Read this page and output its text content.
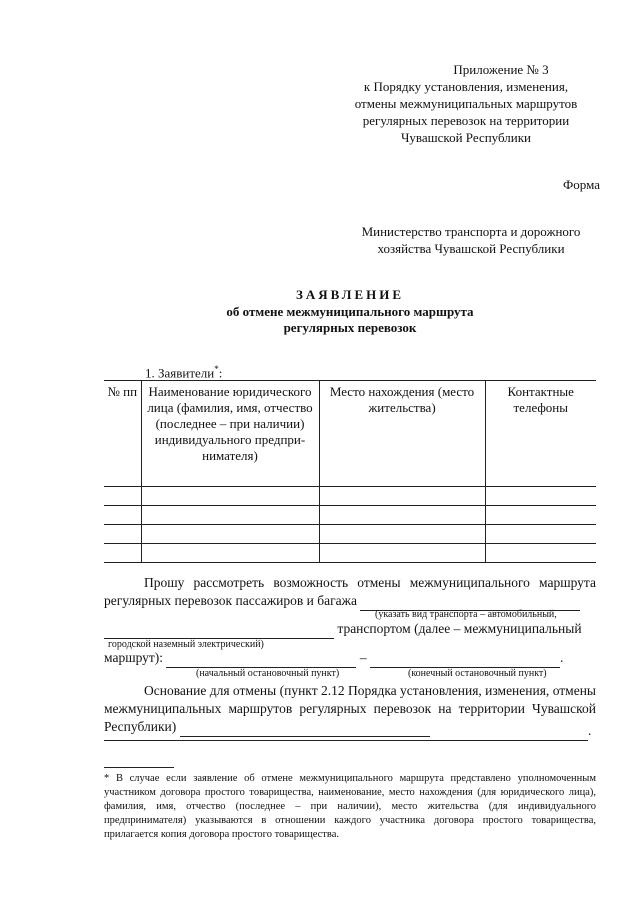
Приложение № 3
к Порядку установления, изменения,
отмены межмуниципальных маршрутов
регулярных перевозок на территории
Чувашской Республики
Форма
Министерство транспорта и дорожного
хозяйства Чувашской Республики
ЗАЯВЛЕНИЕ
об отмене межмуниципального маршрута
регулярных перевозок
1. Заявители*:
№ пп	Наименование юридического лица (фамилия, имя, отчество (последнее – при наличии) индивидуального предпринимателя)	Место нахождения (место жительства)	Контактные телефоны

Прошу рассмотреть возможность отмены межмуниципального маршрута регулярных перевозок пассажиров и багажа
(указать вид транспорта – автомобильный,
транспортом (далее – межмуниципальный
городской наземный электрический)
маршрут):	–	.
(начальный остановочный пункт)	(конечный остановочный пункт)
Основание для отмены (пункт 2.12 Порядка установления, изменения, отмены межмуниципальных маршрутов регулярных перевозок на территории Чувашской Республики)	.
* В случае если заявление об отмене межмуниципального маршрута представлено уполномоченным участником договора простого товарищества, наименование, место нахождения (для юридического лица), фамилия, имя, отчество (последнее – при наличии), место жительства (для индивидуального предпринимателя) указываются в отношении каждого участника договора простого товарищества, прилагается копия договора простого товарищества.
